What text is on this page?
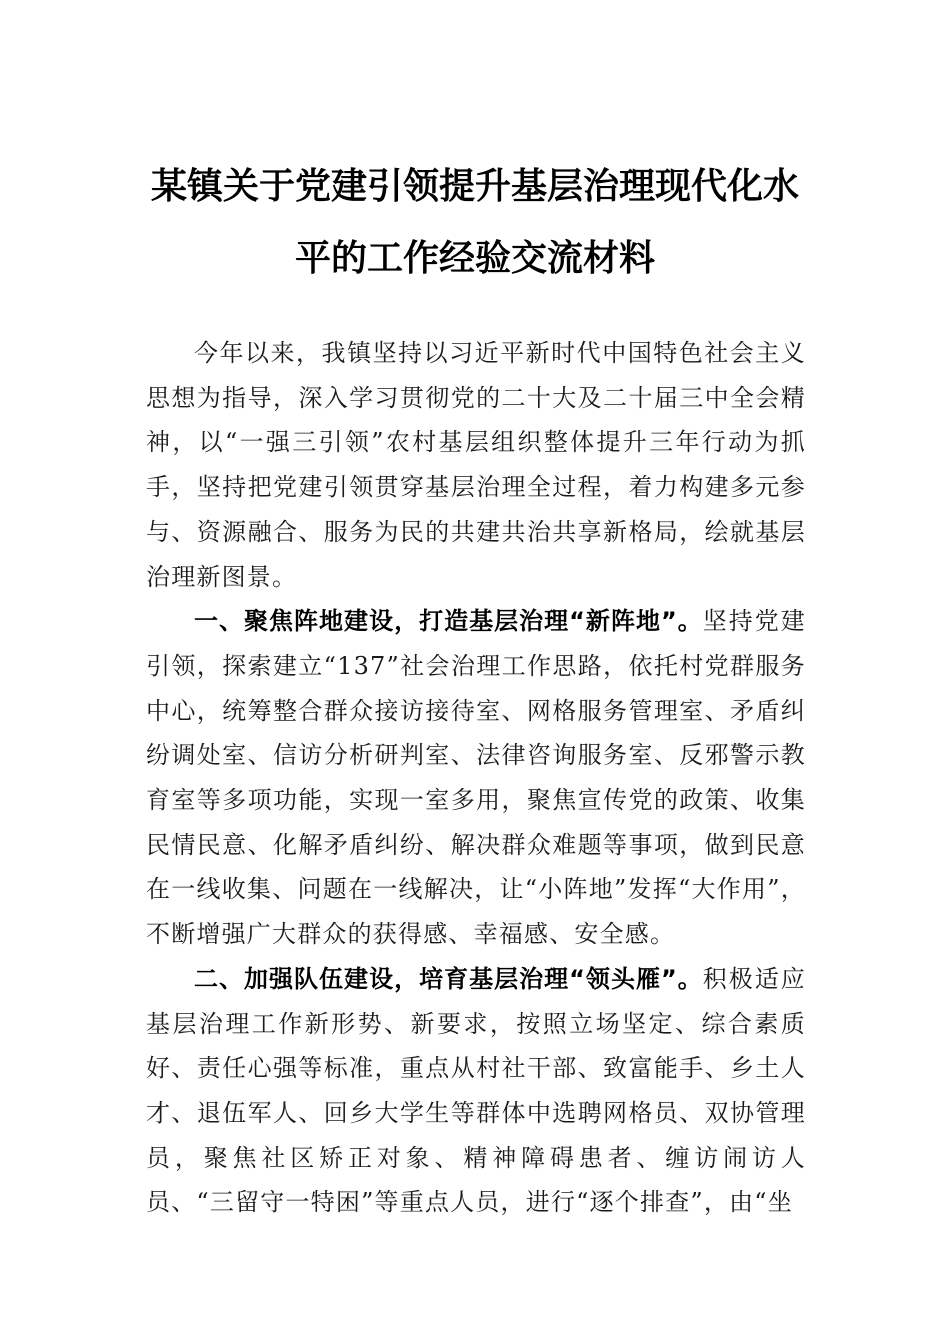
某镇关于党建引领提升基层治理现代化水
平的工作经验交流材料

今年以来，我镇坚持以习近平新时代中国特色社会主义思想为指导，深入学习贯彻党的二十大及二十届三中全会精神，以“一强三引领”农村基层组织整体提升三年行动为抓手，坚持把党建引领贯穿基层治理全过程，着力构建多元参与、资源融合、服务为民的共建共治共享新格局，绘就基层治理新图景。

一、聚焦阵地建设，打造基层治理“新阵地”。坚持党建引领，探索建立“137”社会治理工作思路，依托村党群服务中心，统筹整合群众接访接待室、网格服务管理室、矛盾纠纷调处室、信访分析研判室、法律咨询服务室、反邪警示教育室等多项功能，实现一室多用，聚焦宣传党的政策、收集民情民意、化解矛盾纠纷、解决群众难题等事项，做到民意在一线收集、问题在一线解决，让“小阵地”发挥“大作用”，不断增强广大群众的获得感、幸福感、安全感。

二、加强队伍建设，培育基层治理“领头雁”。积极适应基层治理工作新形势、新要求，按照立场坚定、综合素质好、责任心强等标准，重点从村社干部、致富能手、乡土人才、退伍军人、回乡大学生等群体中选聘网格员、双协管理员，聚焦社区矫正对象、精神障碍患者、缠访闹访人员、“三留守一特困”等重点人员，进行“逐个排查”，由“坐
